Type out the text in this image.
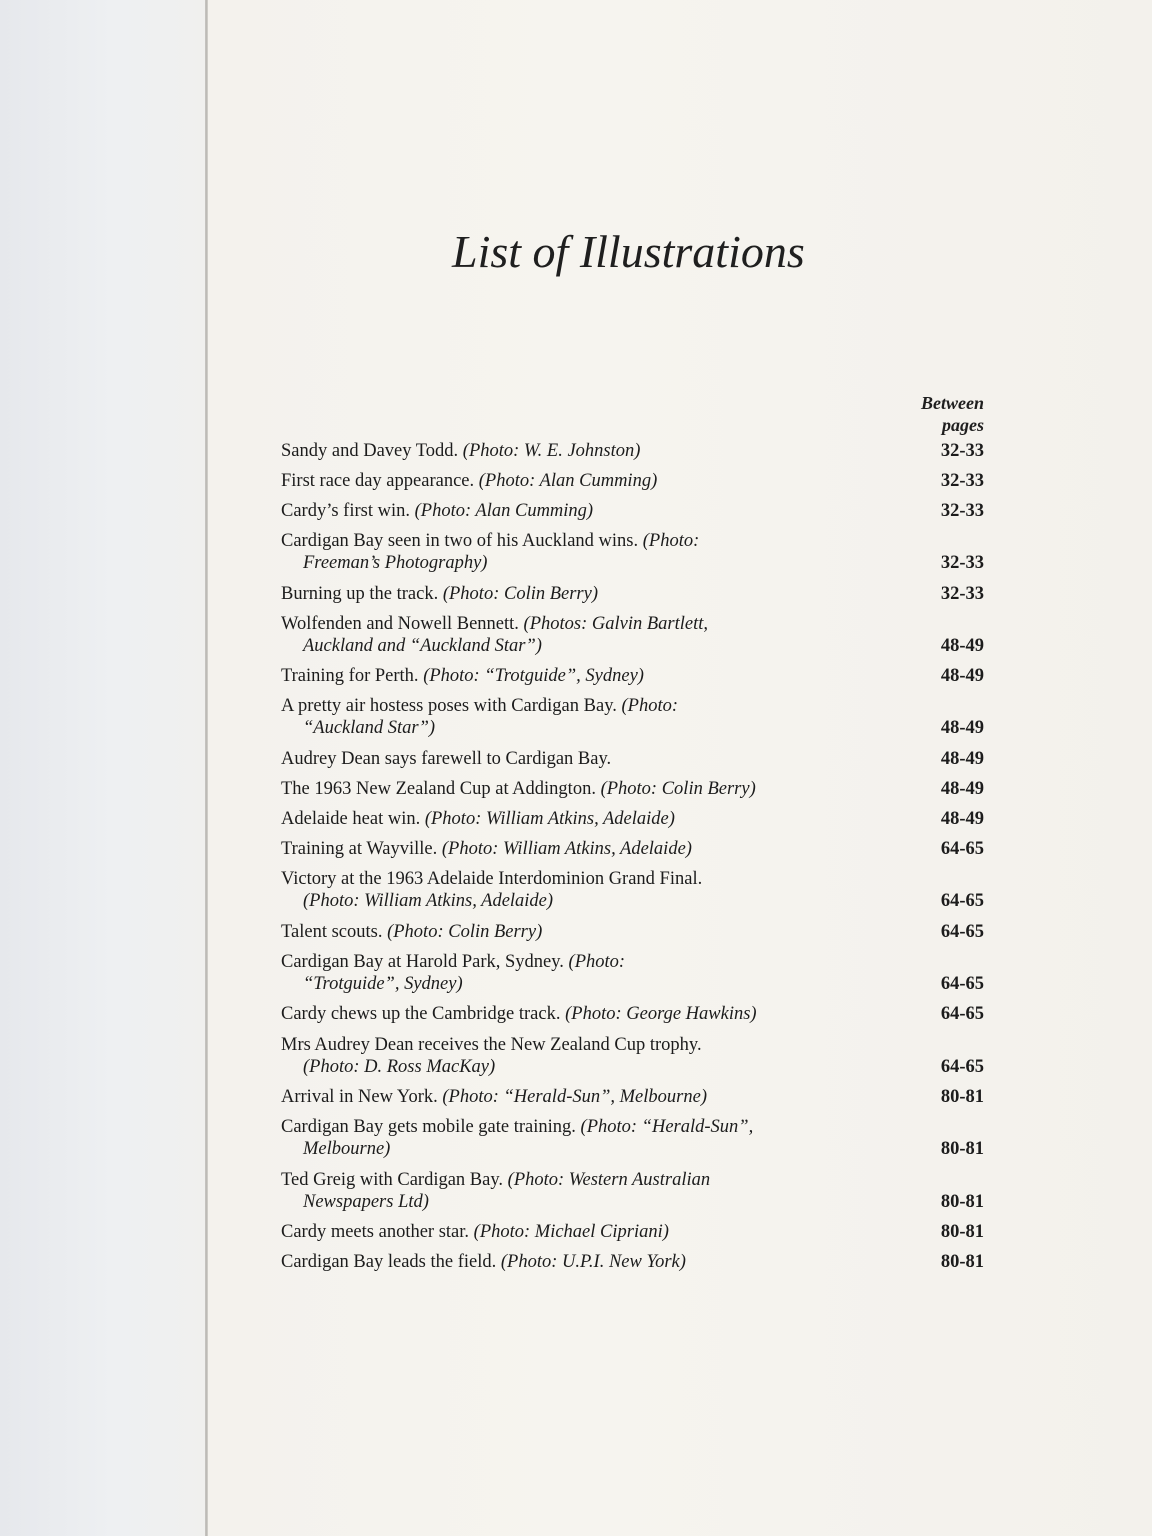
List of Illustrations
Between
pages
Sandy and Davey Todd. (Photo: W. E. Johnston)	32-33
First race day appearance. (Photo: Alan Cumming)	32-33
Cardy’s first win. (Photo: Alan Cumming)	32-33
Cardigan Bay seen in two of his Auckland wins. (Photo:
Freeman’s Photography)	32-33
Burning up the track. (Photo: Colin Berry)	32-33
Wolfenden and Nowell Bennett. (Photos: Galvin Bartlett,
Auckland and “Auckland Star”)	48-49
Training for Perth. (Photo: “Trotguide”, Sydney)	48-49
A pretty air hostess poses with Cardigan Bay. (Photo:
“Auckland Star”)	48-49
Audrey Dean says farewell to Cardigan Bay.	48-49
The 1963 New Zealand Cup at Addington. (Photo: Colin Berry)	48-49
Adelaide heat win. (Photo: William Atkins, Adelaide)	48-49
Training at Wayville. (Photo: William Atkins, Adelaide)	64-65
Victory at the 1963 Adelaide Interdominion Grand Final.
(Photo: William Atkins, Adelaide)	64-65
Talent scouts. (Photo: Colin Berry)	64-65
Cardigan Bay at Harold Park, Sydney. (Photo:
“Trotguide”, Sydney)	64-65
Cardy chews up the Cambridge track. (Photo: George Hawkins)	64-65
Mrs Audrey Dean receives the New Zealand Cup trophy.
(Photo: D. Ross MacKay)	64-65
Arrival in New York. (Photo: “Herald-Sun”, Melbourne)	80-81
Cardigan Bay gets mobile gate training. (Photo: “Herald-Sun”,
Melbourne)	80-81
Ted Greig with Cardigan Bay. (Photo: Western Australian
Newspapers Ltd)	80-81
Cardy meets another star. (Photo: Michael Cipriani)	80-81
Cardigan Bay leads the field. (Photo: U.P.I. New York)	80-81
